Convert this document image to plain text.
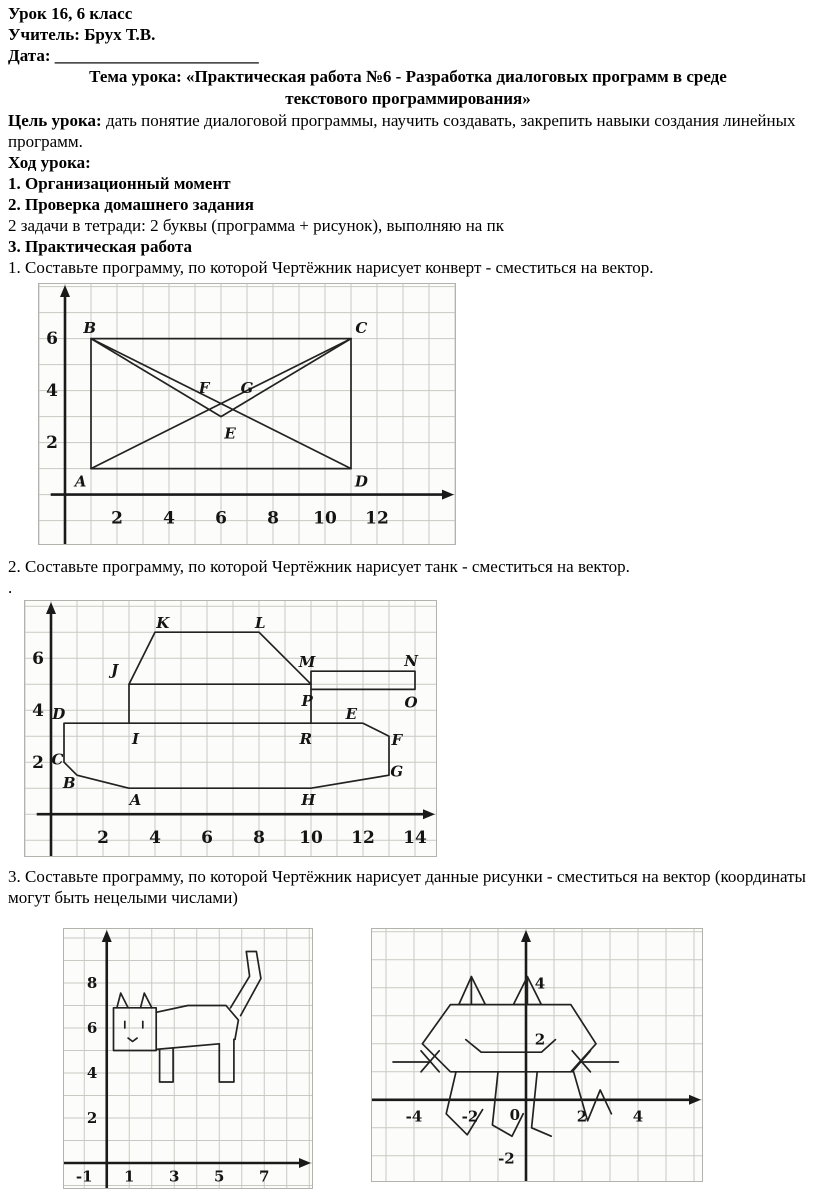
Урок 16, 6 класс

Учитель: Брух Т.В.

Дата: ________________________

Тема урока: «Практическая работа №6 - Разработка диалоговых программ в среде
текстового программирования»

Цель урока: дать понятие диалоговой программы, научить создавать, закрепить навыки создания линейных программ.

Ход урока:

1. Организационный момент

2. Проверка домашнего задания

2 задачи в тетради: 2 буквы (программа + рисунок), выполняю на пк

3. Практическая работа

1. Составьте программу, по которой Чертёжник нарисует конверт - сместиться на вектор.

2 4 6 8 10 12
2
4
6
A
B	C
D
E
F G

2. Составьте программу, по которой Чертёжник нарисует танк - сместиться на вектор.

.

2 4 6 8 10 12 14
2
4
6
K	L
J	M	N
P	O
D	E
I	R	F
C
G
B
A	H

3. Составьте программу, по которой Чертёжник нарисует данные рисунки - сместиться на вектор (координаты могут быть нецелыми числами)

-1 1 3 5 7
2
4
6
8
-4	-2 0	2	4
2
4
-2
